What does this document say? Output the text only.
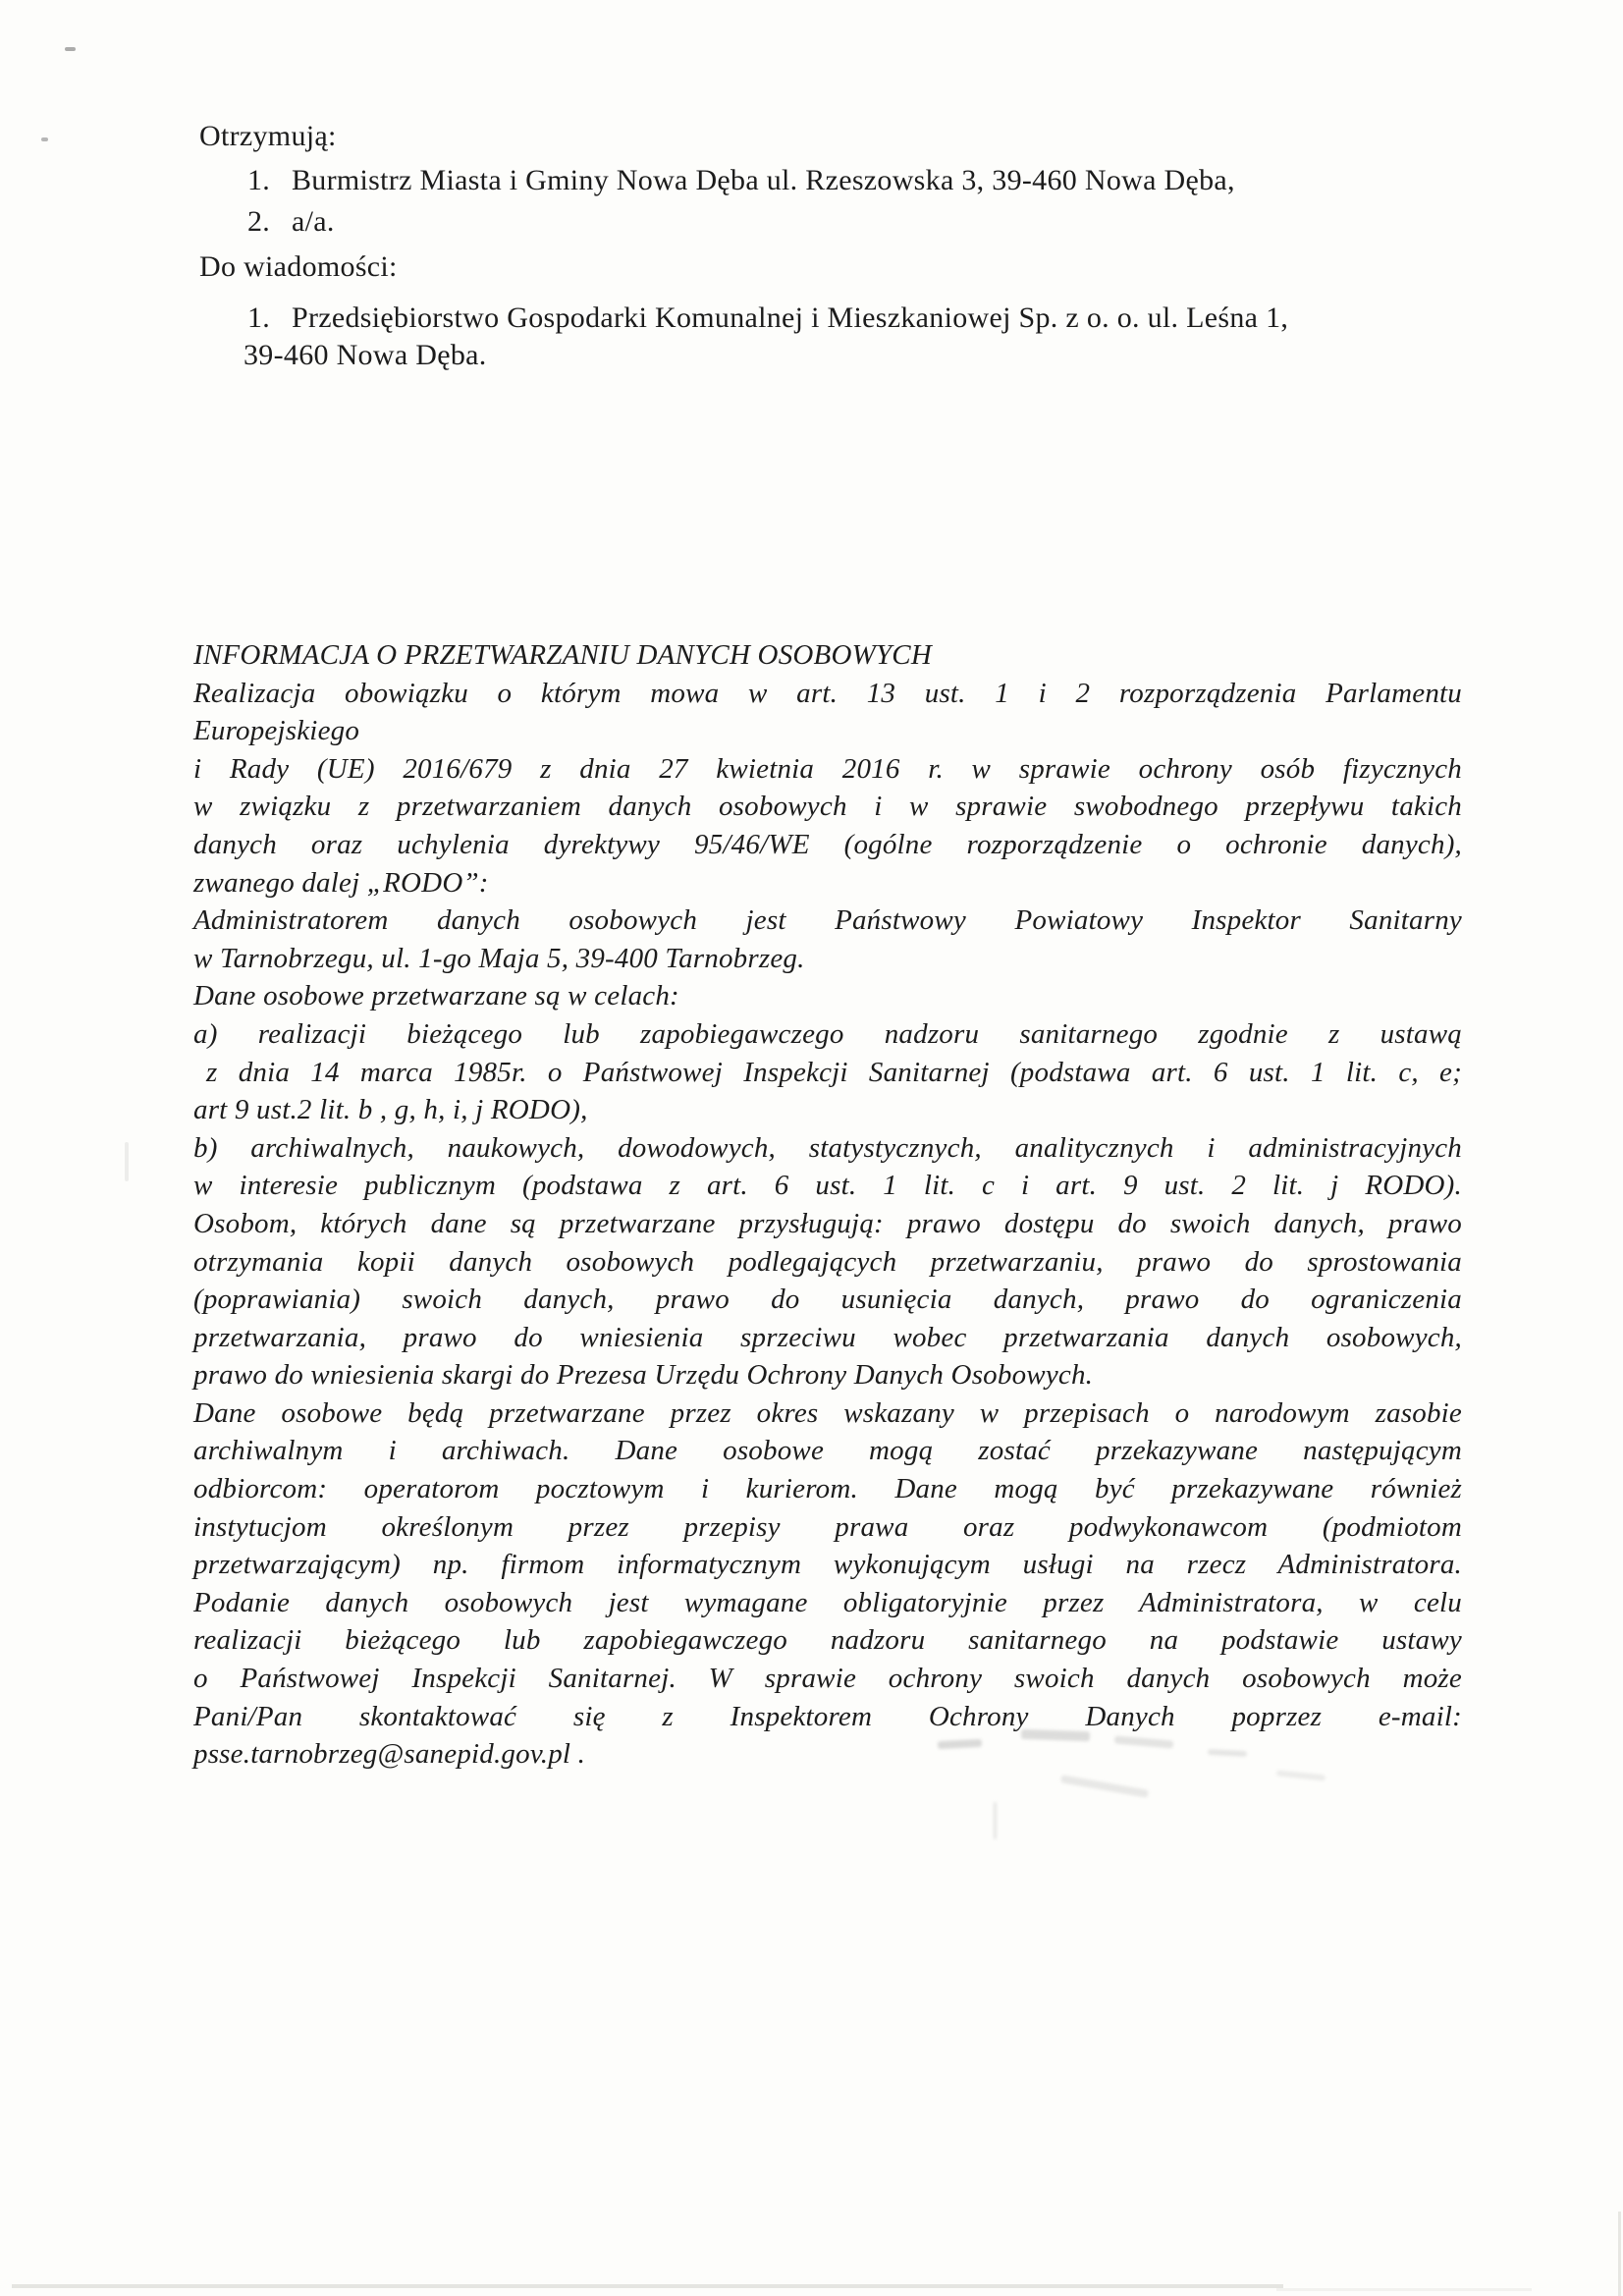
Otrzymują:
1. Burmistrz Miasta i Gminy Nowa Dęba ul. Rzeszowska 3, 39-460 Nowa Dęba,
2. a/a.
Do wiadomości:
1. Przedsiębiorstwo Gospodarki Komunalnej i Mieszkaniowej Sp. z o. o. ul. Leśna 1,
39-460 Nowa Dęba.
INFORMACJA O PRZETWARZANIU DANYCH OSOBOWYCH
Realizacja obowiązku o którym mowa w art. 13 ust. 1 i 2 rozporządzenia Parlamentu
Europejskiego
i Rady (UE) 2016/679 z dnia 27 kwietnia 2016 r. w sprawie ochrony osób fizycznych
w związku z przetwarzaniem danych osobowych i w sprawie swobodnego przepływu takich
danych oraz uchylenia dyrektywy 95/46/WE (ogólne rozporządzenie o ochronie danych),
zwanego dalej „RODO”:
Administratorem danych osobowych jest Państwowy Powiatowy Inspektor Sanitarny
w Tarnobrzegu, ul. 1-go Maja 5, 39-400 Tarnobrzeg.
Dane osobowe przetwarzane są w celach:
a) realizacji bieżącego lub zapobiegawczego nadzoru sanitarnego zgodnie z ustawą
z dnia 14 marca 1985r. o Państwowej Inspekcji Sanitarnej (podstawa art. 6 ust. 1 lit. c, e;
art 9 ust.2 lit. b , g, h, i, j RODO),
b) archiwalnych, naukowych, dowodowych, statystycznych, analitycznych i administracyjnych
w interesie publicznym (podstawa z art. 6 ust. 1 lit. c i art. 9 ust. 2 lit. j RODO).
Osobom, których dane są przetwarzane przysługują: prawo dostępu do swoich danych, prawo
otrzymania kopii danych osobowych podlegających przetwarzaniu, prawo do sprostowania
(poprawiania) swoich danych, prawo do usunięcia danych, prawo do ograniczenia
przetwarzania, prawo do wniesienia sprzeciwu wobec przetwarzania danych osobowych,
prawo do wniesienia skargi do Prezesa Urzędu Ochrony Danych Osobowych.
Dane osobowe będą przetwarzane przez okres wskazany w przepisach o narodowym zasobie
archiwalnym i archiwach. Dane osobowe mogą zostać przekazywane następującym
odbiorcom: operatorom pocztowym i kurierom. Dane mogą być przekazywane również
instytucjom określonym przez przepisy prawa oraz podwykonawcom (podmiotom
przetwarzającym) np. firmom informatycznym wykonującym usługi na rzecz Administratora.
Podanie danych osobowych jest wymagane obligatoryjnie przez Administratora, w celu
realizacji bieżącego lub zapobiegawczego nadzoru sanitarnego na podstawie ustawy
o Państwowej Inspekcji Sanitarnej. W sprawie ochrony swoich danych osobowych może
Pani/Pan skontaktować się z Inspektorem Ochrony Danych poprzez e-mail:
psse.tarnobrzeg@sanepid.gov.pl .
